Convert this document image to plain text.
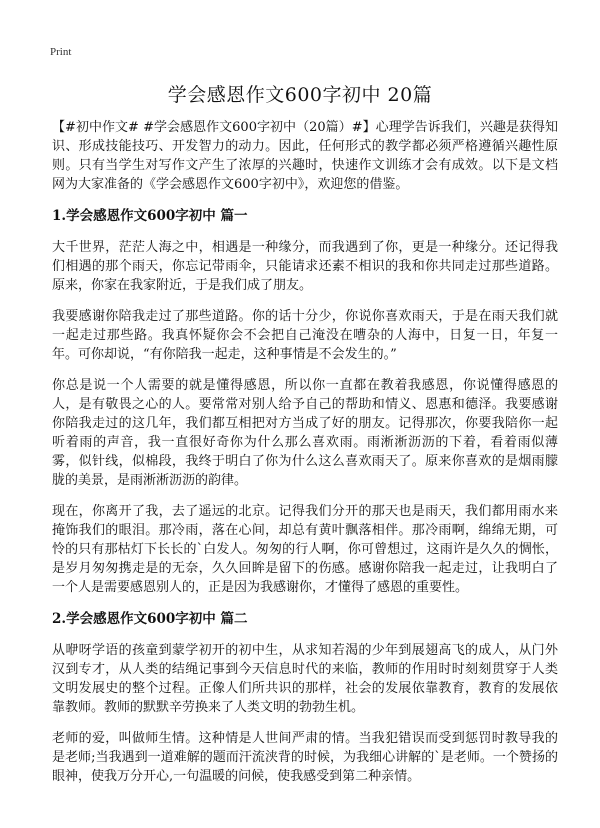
Print
学会感恩作文600字初中 20篇

【#初中作文# #学会感恩作文600字初中（20篇）#】心理学告诉我们，兴趣是获得知识、形成技能技巧、开发智力的动力。因此，任何形式的教学都必须严格遵循兴趣性原则。只有当学生对写作文产生了浓厚的兴趣时，快速作文训练才会有成效。以下是文档网为大家准备的《学会感恩作文600字初中》，欢迎您的借鉴。

1.学会感恩作文600字初中 篇一

大千世界，茫茫人海之中，相遇是一种缘分，而我遇到了你，更是一种缘分。还记得我们相遇的那个雨天，你忘记带雨伞，只能请求还素不相识的我和你共同走过那些道路。原来，你家在我家附近，于是我们成了朋友。

我要感谢你陪我走过了那些道路。你的话十分少，你说你喜欢雨天，于是在雨天我们就一起走过那些路。我真怀疑你会不会把自己淹没在嘈杂的人海中，日复一日，年复一年。可你却说，“有你陪我一起走，这种事情是不会发生的。”

你总是说一个人需要的就是懂得感恩，所以你一直都在教着我感恩，你说懂得感恩的人，是有敬畏之心的人。要常常对别人给予自己的帮助和情义、恩惠和德泽。我要感谢你陪我走过的这几年，我们都互相把对方当成了好的朋友。记得那次，你要我陪你一起听着雨的声音，我一直很好奇你为什么那么喜欢雨。雨淅淅沥沥的下着，看着雨似薄雾，似针线，似棉段，我终于明白了你为什么这么喜欢雨天了。原来你喜欢的是烟雨朦胧的美景，是雨淅淅沥沥的韵律。

现在，你离开了我，去了遥远的北京。记得我们分开的那天也是雨天，我们都用雨水来掩饰我们的眼泪。那冷雨，落在心间，却总有黄叶飘落相伴。那冷雨啊，绵绵无期，可怜的只有那枯灯下长长的`白发人。匆匆的行人啊，你可曾想过，这雨许是久久的惆怅，是岁月匆匆携走是的无奈，久久回眸是留下的伤感。感谢你陪我一起走过，让我明白了一个人是需要感恩别人的，正是因为我感谢你，才懂得了感恩的重要性。

2.学会感恩作文600字初中 篇二

从咿呀学语的孩童到蒙学初开的初中生，从求知若渴的少年到展翅高飞的成人，从门外汉到专才，从人类的结绳记事到今天信息时代的来临，教师的作用时时刻刻贯穿于人类文明发展史的整个过程。正像人们所共识的那样，社会的发展依靠教育，教育的发展依靠教师。教师的默默辛劳换来了人类文明的勃勃生机。

老师的爱，叫做师生情。这种情是人世间严肃的情。当我犯错误而受到惩罚时教导我的是老师;当我遇到一道难解的题而汗流浃背的时候，为我细心讲解的`是老师。一个赞扬的眼神，使我万分开心,一句温暖的问候，使我感受到第二种亲情。
